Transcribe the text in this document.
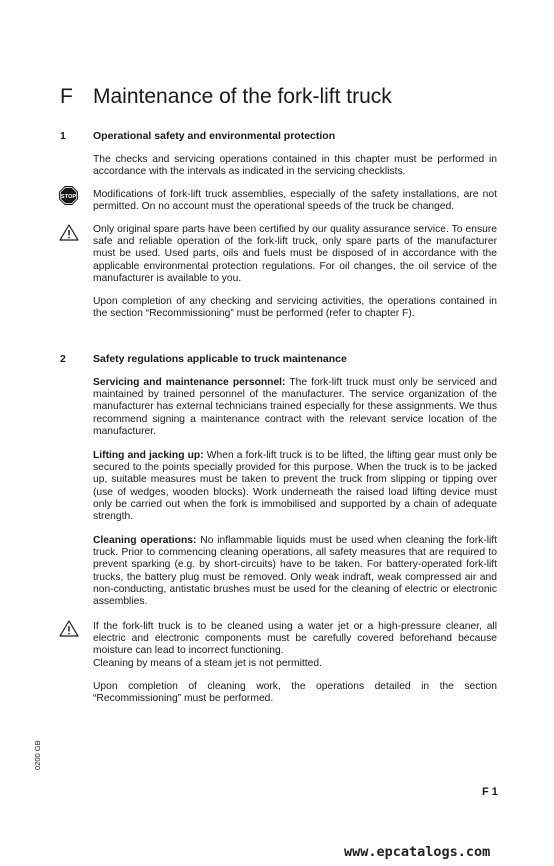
F Maintenance of the fork-lift truck
1	Operational safety and environmental protection

The checks and servicing operations contained in this chapter must be performed in accordance with the intervals as indicated in the servicing checklists.

STOP Modifications of fork-lift truck assemblies, especially of the safety installations, are not permitted. On no account must the operational speeds of the truck be changed.

Only original spare parts have been certified by our quality assurance service. To ensure safe and reliable operation of the fork-lift truck, only spare parts of the manufacturer must be used. Used parts, oils and fuels must be disposed of in accordance with the applicable environmental protection regulations. For oil changes, the oil service of the manufacturer is available to you.

Upon completion of any checking and servicing activities, the operations contained in the section “Recommissioning” must be performed (refer to chapter F).

2	Safety regulations applicable to truck maintenance

Servicing and maintenance personnel: The fork-lift truck must only be serviced and maintained by trained personnel of the manufacturer. The service organization of the manufacturer has external technicians trained especially for these assignments. We thus recommend signing a maintenance contract with the relevant service location of the manufacturer.

Lifting and jacking up: When a fork-lift truck is to be lifted, the lifting gear must only be secured to the points specially provided for this purpose. When the truck is to be jacked up, suitable measures must be taken to prevent the truck from slipping or tipping over (use of wedges, wooden blocks). Work underneath the raised load lifting device must only be carried out when the fork is immobilised and supported by a chain of adequate strength.

Cleaning operations: No inflammable liquids must be used when cleaning the fork-lift truck. Prior to commencing cleaning operations, all safety measures that are required to prevent sparking (e.g. by short-circuits) have to be taken. For battery-operated fork-lift trucks, the battery plug must be removed. Only weak indraft, weak compressed air and non-conducting, antistatic brushes must be used for the cleaning of electric or electronic assemblies.

If the fork-lift truck is to be cleaned using a water jet or a high-pressure cleaner, all electric and electronic components must be carefully covered beforehand because moisture can lead to incorrect functioning.
Cleaning by means of a steam jet is not permitted.

Upon completion of cleaning work, the operations detailed in the section “Recommissioning” must be performed.

0200 GB
F 1
www.epcatalogs.com
